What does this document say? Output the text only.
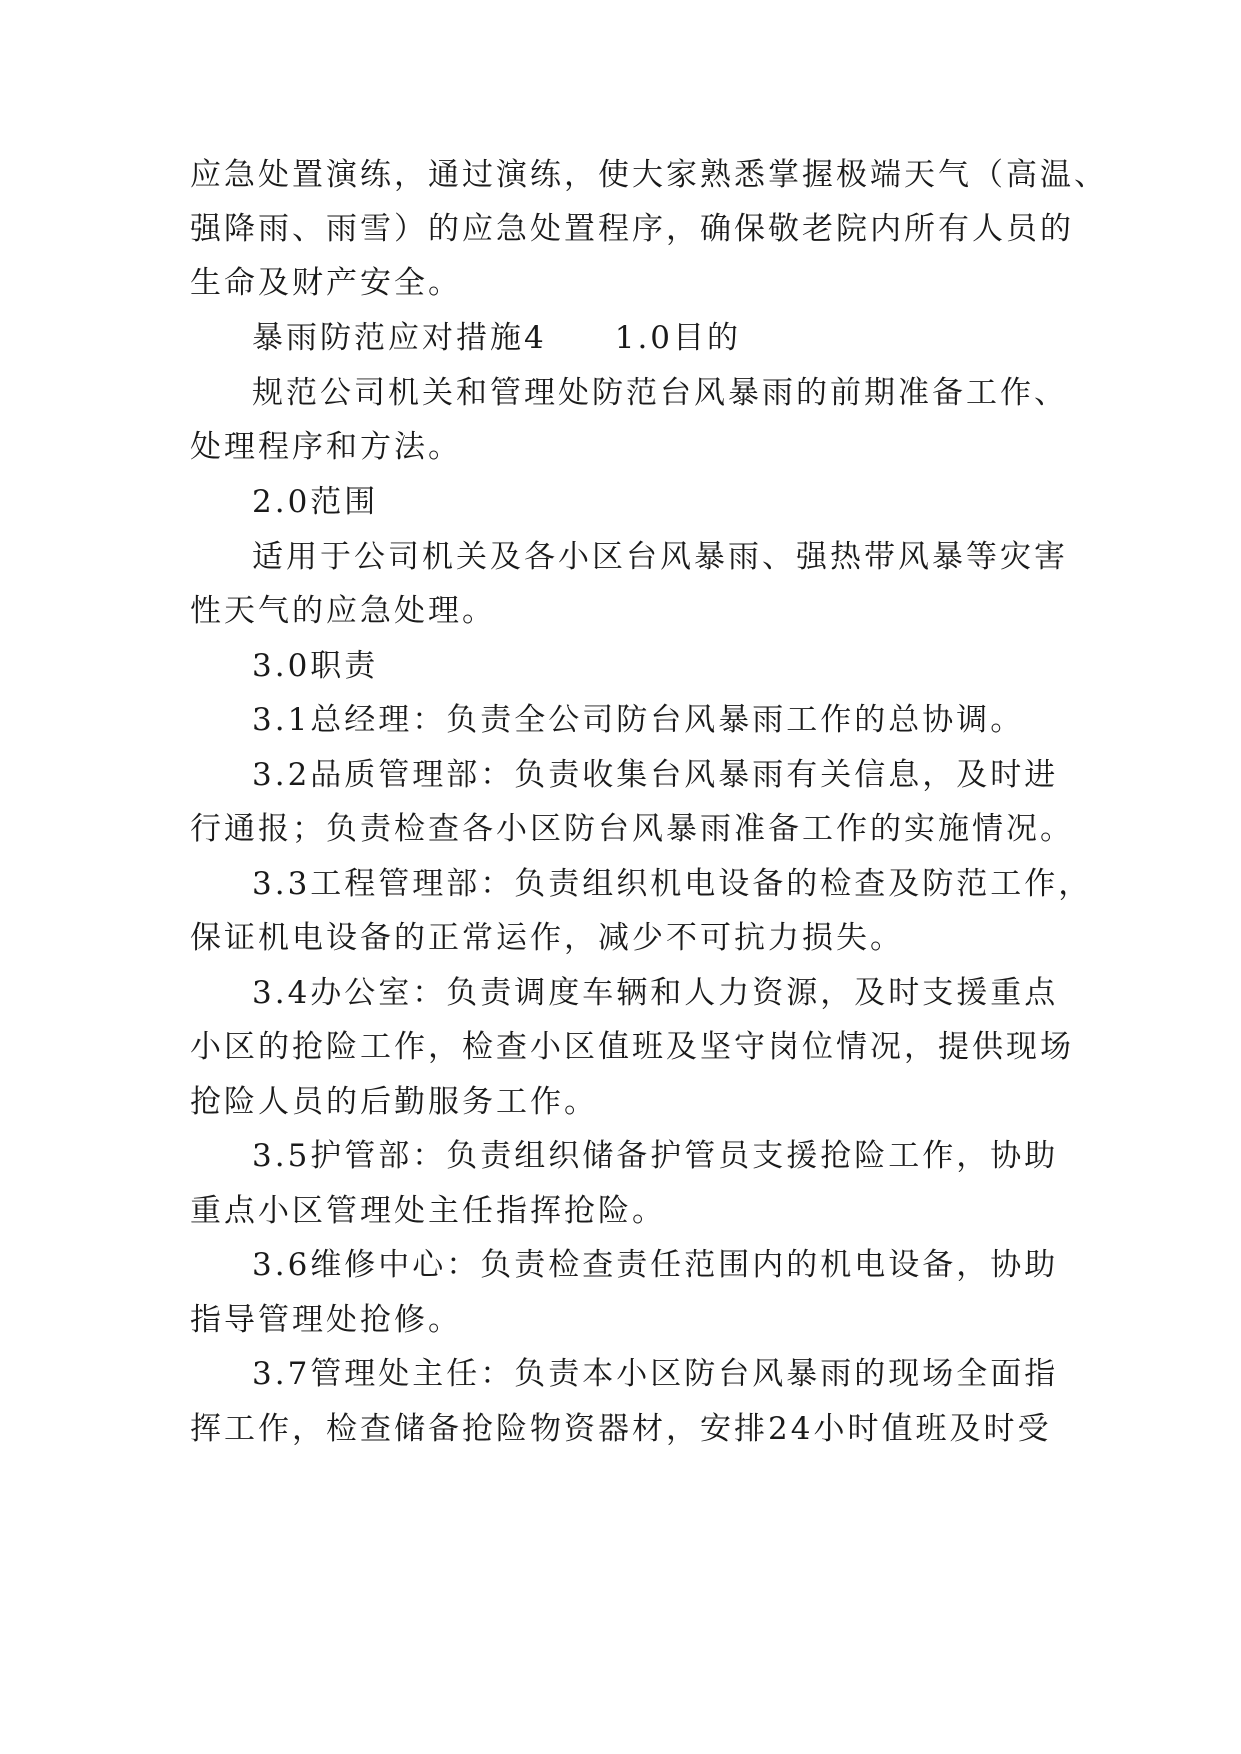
应急处置演练，通过演练，使大家熟悉掌握极端天气（高温、
强降雨、雨雪）的应急处置程序，确保敬老院内所有人员的
生命及财产安全。
暴雨防范应对措施4　　1.0目的
规范公司机关和管理处防范台风暴雨的前期准备工作、
处理程序和方法。
2.0范围
适用于公司机关及各小区台风暴雨、强热带风暴等灾害
性天气的应急处理。
3.0职责
3.1总经理：负责全公司防台风暴雨工作的总协调。
3.2品质管理部：负责收集台风暴雨有关信息，及时进
行通报；负责检查各小区防台风暴雨准备工作的实施情况。
3.3工程管理部：负责组织机电设备的检查及防范工作，
保证机电设备的正常运作，减少不可抗力损失。
3.4办公室：负责调度车辆和人力资源，及时支援重点
小区的抢险工作，检查小区值班及坚守岗位情况，提供现场
抢险人员的后勤服务工作。
3.5护管部：负责组织储备护管员支援抢险工作，协助
重点小区管理处主任指挥抢险。
3.6维修中心：负责检查责任范围内的机电设备，协助
指导管理处抢修。
3.7管理处主任：负责本小区防台风暴雨的现场全面指
挥工作，检查储备抢险物资器材，安排24小时值班及时受
